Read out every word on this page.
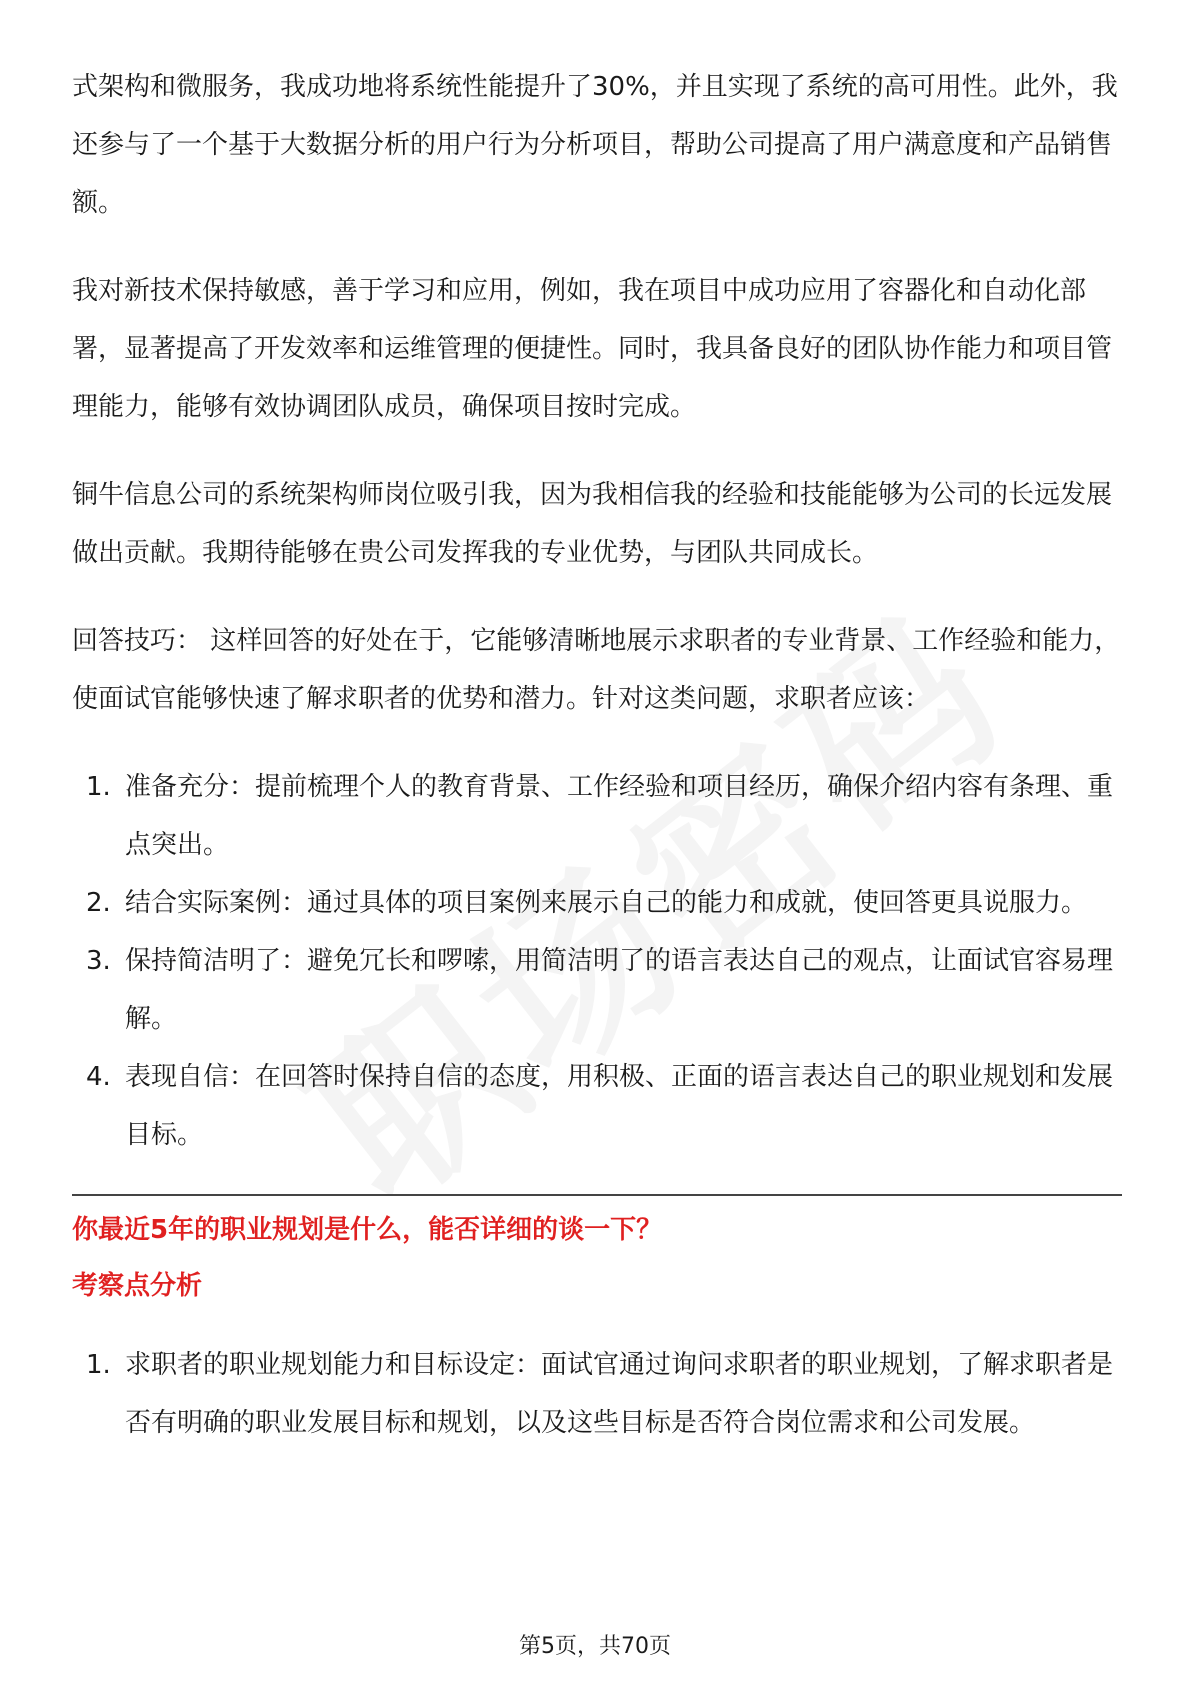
式架构和微服务，我成功地将系统性能提升了30%，并且实现了系统的高可用性。此外，我还参与了一个基于大数据分析的用户行为分析项目，帮助公司提高了用户满意度和产品销售额。

我对新技术保持敏感，善于学习和应用，例如，我在项目中成功应用了容器化和自动化部署，显著提高了开发效率和运维管理的便捷性。同时，我具备良好的团队协作能力和项目管理能力，能够有效协调团队成员，确保项目按时完成。

铜牛信息公司的系统架构师岗位吸引我，因为我相信我的经验和技能能够为公司的长远发展做出贡献。我期待能够在贵公司发挥我的专业优势，与团队共同成长。

回答技巧： 这样回答的好处在于，它能够清晰地展示求职者的专业背景、工作经验和能力，使面试官能够快速了解求职者的优势和潜力。针对这类问题，求职者应该：

1. 准备充分：提前梳理个人的教育背景、工作经验和项目经历，确保介绍内容有条理、重点突出。
2. 结合实际案例：通过具体的项目案例来展示自己的能力和成就，使回答更具说服力。
3. 保持简洁明了：避免冗长和啰嗦，用简洁明了的语言表达自己的观点，让面试官容易理解。
4. 表现自信：在回答时保持自信的态度，用积极、正面的语言表达自己的职业规划和发展目标。
你最近5年的职业规划是什么，能否详细的谈一下？
考察点分析
1. 求职者的职业规划能力和目标设定：面试官通过询问求职者的职业规划，了解求职者是否有明确的职业发展目标和规划，以及这些目标是否符合岗位需求和公司发展。
第5页，共70页
